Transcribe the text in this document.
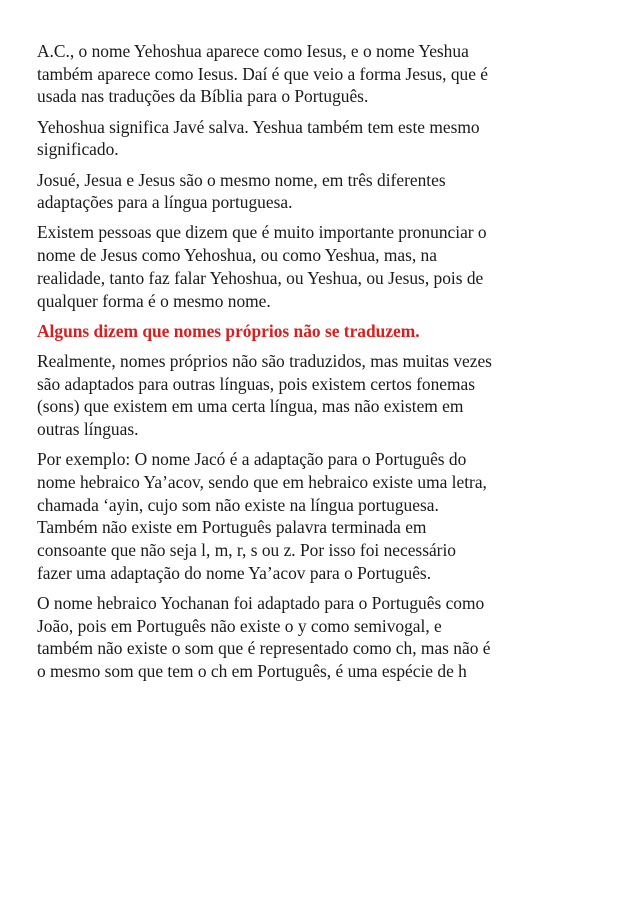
A.C., o nome Yehoshua aparece como Iesus, e o nome Yeshua
também aparece como Iesus. Daí é que veio a forma Jesus, que é
usada nas traduções da Bíblia para o Português.

Yehoshua significa Javé salva. Yeshua também tem este mesmo
significado.

Josué, Jesua e Jesus são o mesmo nome, em três diferentes
adaptações para a língua portuguesa.

Existem pessoas que dizem que é muito importante pronunciar o
nome de Jesus como Yehoshua, ou como Yeshua, mas, na
realidade, tanto faz falar Yehoshua, ou Yeshua, ou Jesus, pois de
qualquer forma é o mesmo nome.

Alguns dizem que nomes próprios não se traduzem.

Realmente, nomes próprios não são traduzidos, mas muitas vezes
são adaptados para outras línguas, pois existem certos fonemas
(sons) que existem em uma certa língua, mas não existem em
outras línguas.

Por exemplo: O nome Jacó é a adaptação para o Português do
nome hebraico Ya’acov, sendo que em hebraico existe uma letra,
chamada ‘ayin, cujo som não existe na língua portuguesa.
Também não existe em Português palavra terminada em
consoante que não seja l, m, r, s ou z. Por isso foi necessário
fazer uma adaptação do nome Ya’acov para o Português.

O nome hebraico Yochanan foi adaptado para o Português como
João, pois em Português não existe o y como semivogal, e
também não existe o som que é representado como ch, mas não é
o mesmo som que tem o ch em Português, é uma espécie de h
